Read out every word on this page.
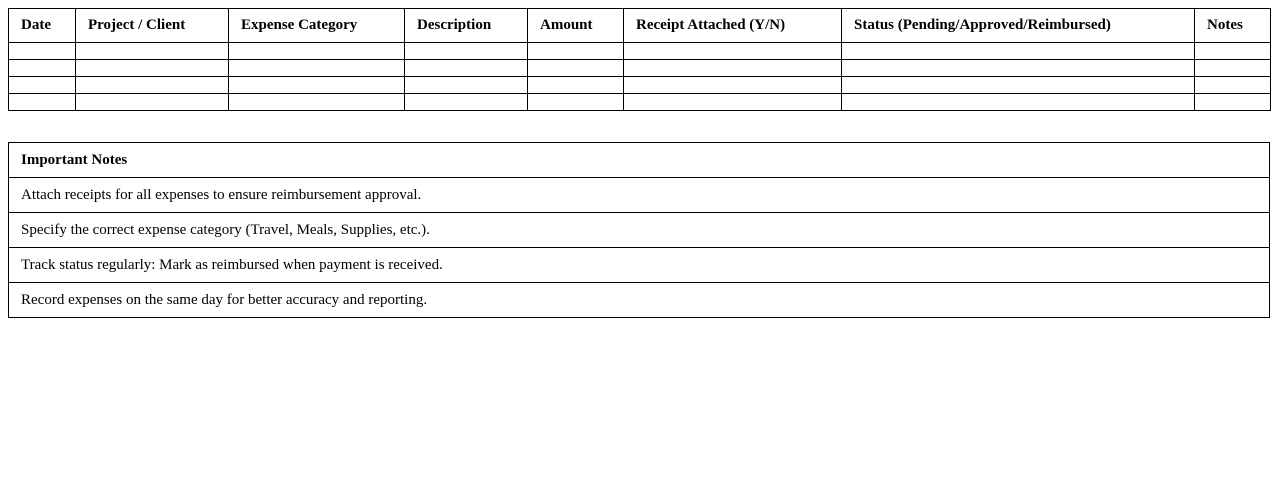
Date	Project / Client	Expense Category	Description	Amount	Receipt Attached (Y/N)	Status (Pending/Approved/Reimbursed)	Notes

Important Notes
Attach receipts for all expenses to ensure reimbursement approval.
Specify the correct expense category (Travel, Meals, Supplies, etc.).
Track status regularly: Mark as reimbursed when payment is received.
Record expenses on the same day for better accuracy and reporting.
